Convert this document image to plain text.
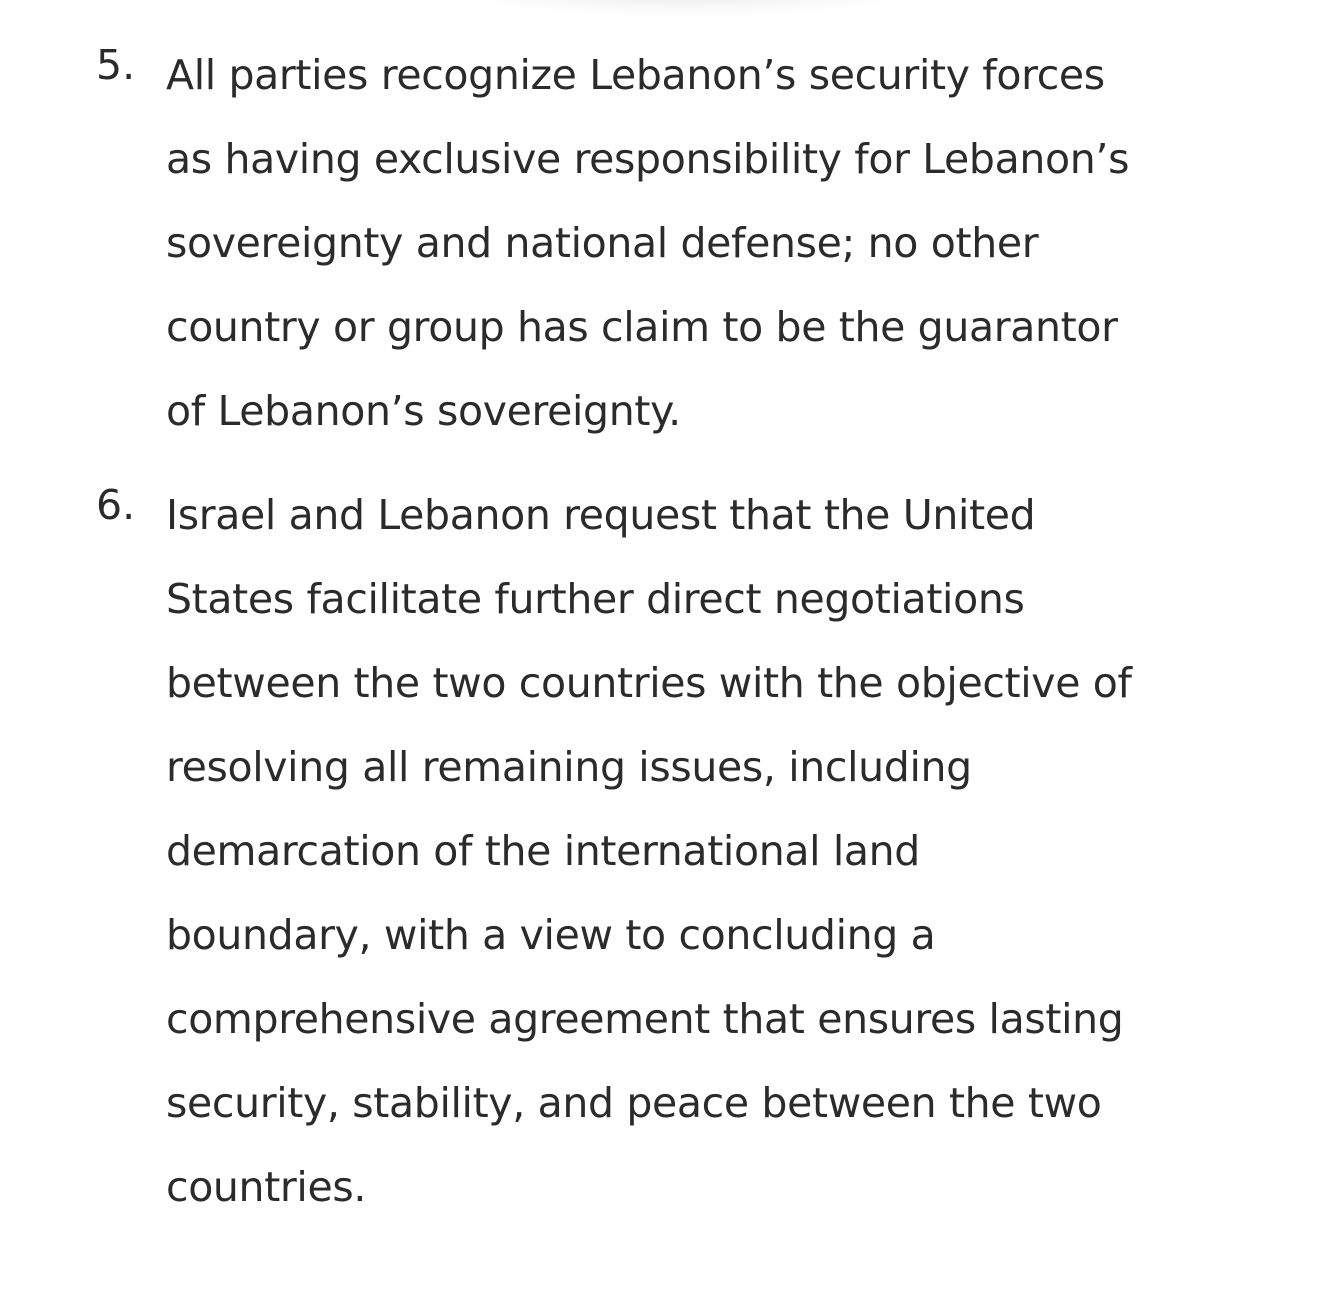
5. All parties recognize Lebanon’s security forces
as having exclusive responsibility for Lebanon’s
sovereignty and national defense; no other
country or group has claim to be the guarantor
of Lebanon’s sovereignty.

6. Israel and Lebanon request that the United
States facilitate further direct negotiations
between the two countries with the objective of
resolving all remaining issues, including
demarcation of the international land
boundary, with a view to concluding a
comprehensive agreement that ensures lasting
security, stability, and peace between the two
countries.
